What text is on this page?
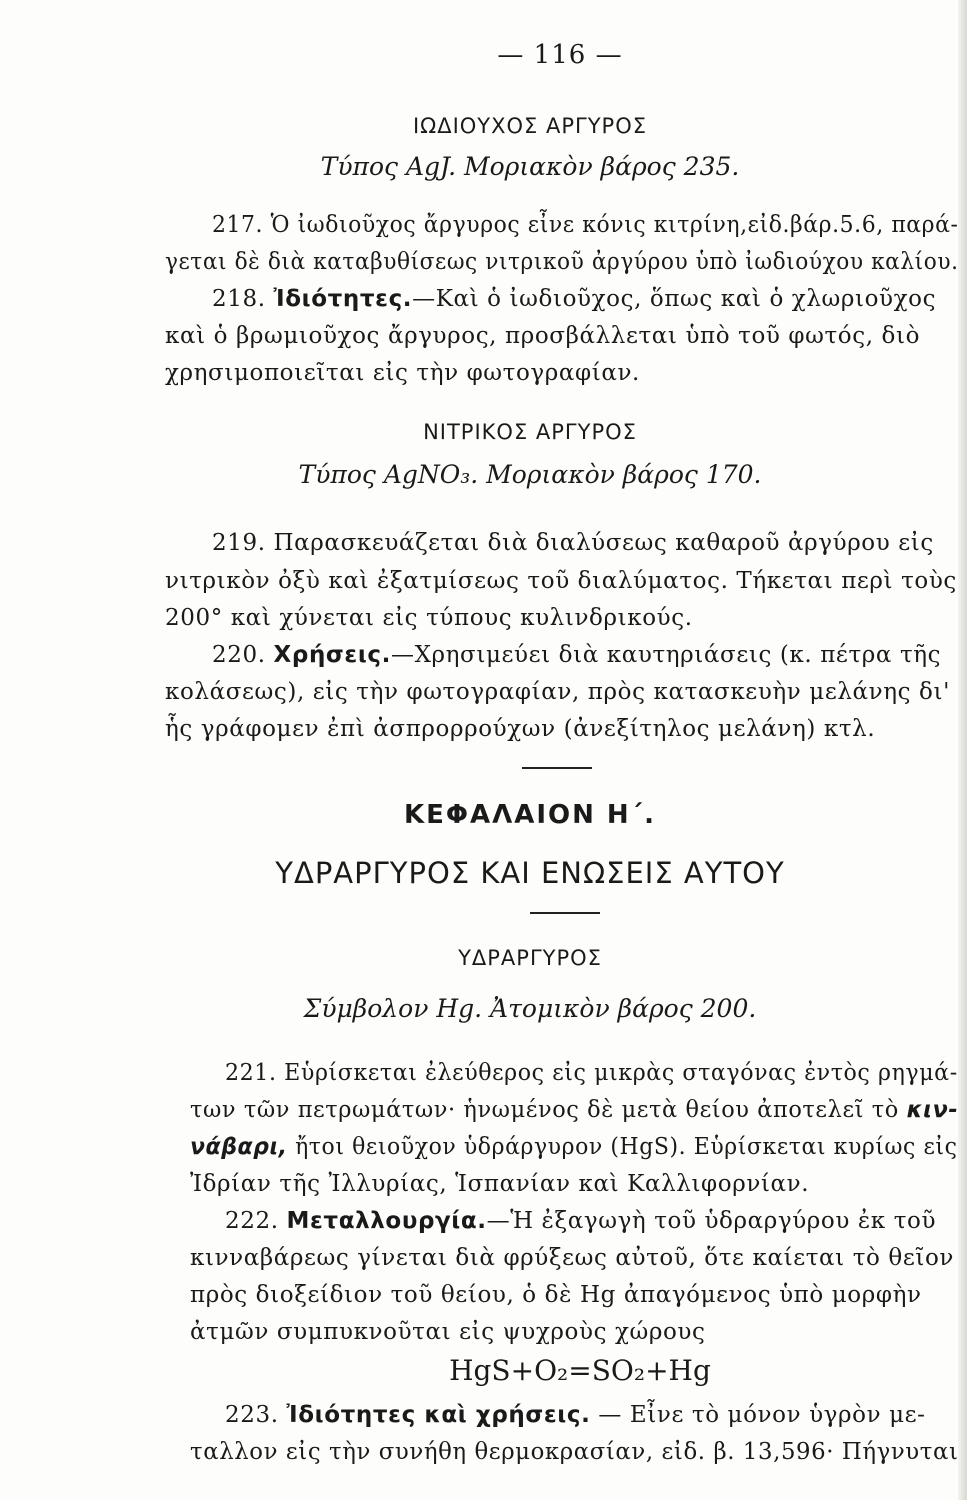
— 116 —
ΙΩΔΙΟΥΧΟΣ ΑΡΓΥΡΟΣ
Τύπος AgJ. Μοριακὸν βάρος 235.
217. Ὁ ἰωδιοῦχος ἄργυρος εἶνε κόνις κιτρίνη,εἰδ.βάρ.5.6, παρά-
γεται δὲ διὰ καταβυθίσεως νιτρικοῦ ἀργύρου ὑπὸ ἰωδιούχου καλίου.
218. Ἰδιότητες.—Καὶ ὁ ἰωδιοῦχος, ὅπως καὶ ὁ χλωριοῦχος
καὶ ὁ βρωμιοῦχος ἄργυρος, προσβάλλεται ὑπὸ τοῦ φωτός, διὸ
χρησιμοποιεῖται εἰς τὴν φωτογραφίαν.
ΝΙΤΡΙΚΟΣ ΑΡΓΥΡΟΣ
Τύπος AgNO₃. Μοριακὸν βάρος 170.
219. Παρασκευάζεται διὰ διαλύσεως καθαροῦ ἀργύρου εἰς
νιτρικὸν ὀξὺ καὶ ἐξατμίσεως τοῦ διαλύματος. Τήκεται περὶ τοὺς
200° καὶ χύνεται εἰς τύπους κυλινδρικούς.
220. Χρήσεις.—Χρησιμεύει διὰ καυτηριάσεις (κ. πέτρα τῆς
κολάσεως), εἰς τὴν φωτογραφίαν, πρὸς κατασκευὴν μελάνης δι'
ἧς γράφομεν ἐπὶ ἀσπρορρούχων (ἀνεξίτηλος μελάνη) κτλ.
ΚΕΦΑΛΑΙΟΝ Η΄.
ΥΔΡΑΡΓΥΡΟΣ ΚΑΙ ΕΝΩΣΕΙΣ ΑΥΤΟΥ
ΥΔΡΑΡΓΥΡΟΣ
Σύμβολον Hg. Ἀτομικὸν βάρος 200.
221. Εὑρίσκεται ἐλεύθερος εἰς μικρὰς σταγόνας ἐντὸς ρηγμά-
των τῶν πετρωμάτων· ἡνωμένος δὲ μετὰ θείου ἀποτελεῖ τὸ κιν-
νάβαρι, ἤτοι θειοῦχον ὑδράργυρον (HgS). Εὑρίσκεται κυρίως εἰς
Ἰδρίαν τῆς Ἰλλυρίας, Ἱσπανίαν καὶ Καλλιφορνίαν.
222. Μεταλλουργία.—Ἡ ἐξαγωγὴ τοῦ ὑδραργύρου ἐκ τοῦ
κινναβάρεως γίνεται διὰ φρύξεως αὐτοῦ, ὅτε καίεται τὸ θεῖον
πρὸς διοξείδιον τοῦ θείου, ὁ δὲ Hg ἀπαγόμενος ὑπὸ μορφὴν
ἀτμῶν συμπυκνοῦται εἰς ψυχροὺς χώρους
HgS+O₂=SO₂+Hg
223. Ἰδιότητες καὶ χρήσεις. — Εἶνε τὸ μόνον ὑγρὸν με-
ταλλον εἰς τὴν συνήθη θερμοκρασίαν, εἰδ. β. 13,596· Πήγνυται
